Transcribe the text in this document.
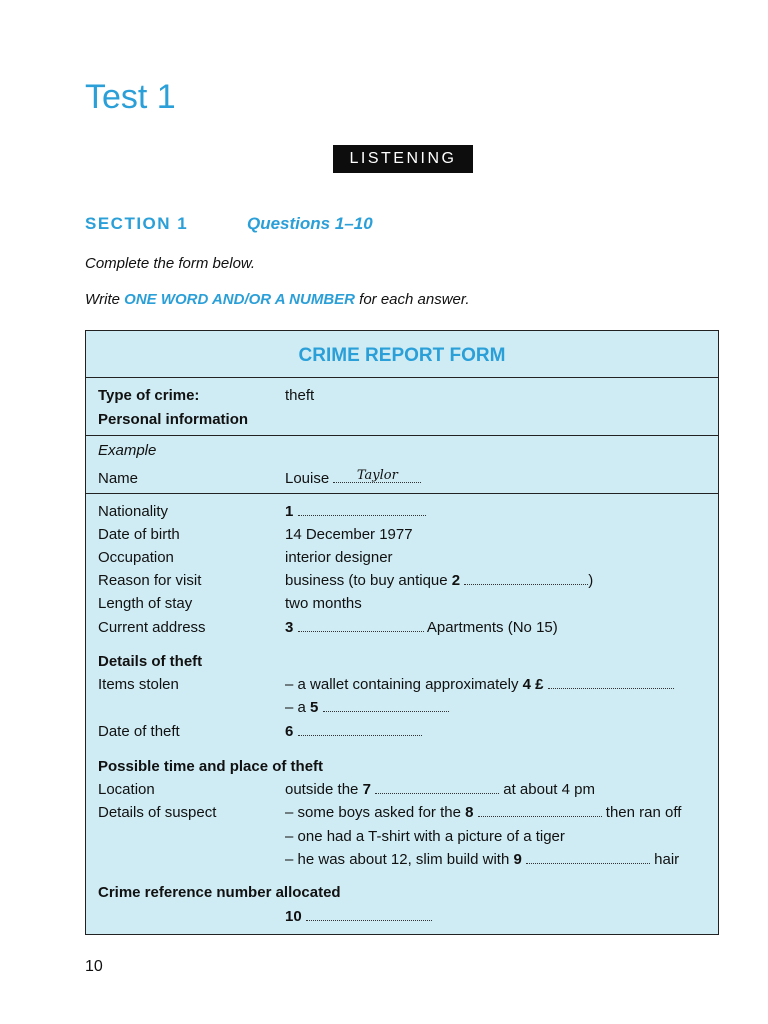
Test 1
LISTENING
SECTION 1	Questions 1–10
Complete the form below.
Write ONE WORD AND/OR A NUMBER for each answer.
CRIME REPORT FORM
Type of crime:	theft
Personal information
Example
Name	Louise Taylor
Nationality	1
Date of birth	14 December 1977
Occupation	interior designer
Reason for visit	business (to buy antique 2	)
Length of stay	two months
Current address	3	Apartments (No 15)
Details of theft
Items stolen	– a wallet containing approximately 4 £
– a 5
Date of theft	6
Possible time and place of theft
Location	outside the 7	at about 4 pm
Details of suspect	– some boys asked for the 8	then ran off
– one had a T-shirt with a picture of a tiger
– he was about 12, slim build with 9	hair
Crime reference number allocated
10
10
